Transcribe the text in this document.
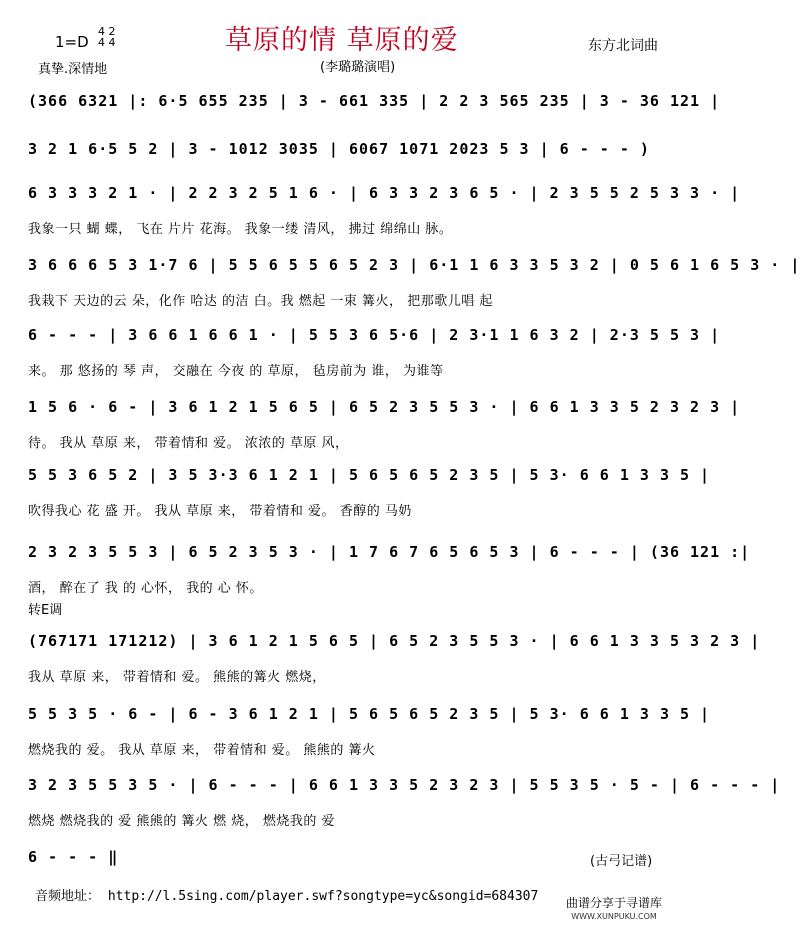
1=D
4 2
4 4	草原的情 草原的爱	东方北词曲
真挚.深情地	(李璐璐演唱)
(366 6321 |: 6·5 655 235 | 3 - 661 335 | 2 2 3 565 235 | 3 - 36 121 |
3 2 1 6·5 5 2 | 3 - 1012 3035 | 6067 1071 2023 5 3 | 6 - - - )
6 3 3 3 2 1 · | 2 2 3 2 5 1 6 · | 6 3 3 2 3 6 5 · | 2 3 5 5 2 5 3 3 · |
我象一只 蝴 蝶， 飞在 片片 花海。 我象一缕 清风， 拂过 绵绵山 脉。
3 6 6 6 5 3 1·7 6 | 5 5 6 5 5 6 5 2 3 | 6·1 1 6 3 3 5 3 2 | 0 5 6 1 6 5 3 · |
我栽下 天边的云 朵，化作 哈达 的洁 白。我 燃起 一束 篝火， 把那歌儿唱 起
6 - - - | 3 6 6 1 6 6 1 · | 5 5 3 6 5·6 | 2 3·1 1 6 3 2 | 2·3 5 5 3 |
来。 那 悠扬的 琴 声， 交融在 今夜 的 草原， 毡房前为 谁， 为谁等
1 5 6 · 6 - | 3 6 1 2 1 5 6 5 | 6 5 2 3 5 5 3 · | 6 6 1 3 3 5 2 3 2 3 |
待。 我从 草原 来， 带着情和 爱。 浓浓的 草原 风，
5 5 3 6 5 2 | 3 5 3·3 6 1 2 1 | 5 6 5 6 5 2 3 5 | 5 3· 6 6 1 3 3 5 |
吹得我心 花 盛 开。 我从 草原 来， 带着情和 爱。 香醇的 马奶
2 3 2 3 5 5 3 | 6 5 2 3 5 3 · | 1 7 6 7 6 5 6 5 3 | 6 - - - | (36 121 :|
酒， 醉在了 我 的 心怀， 我的 心 怀。
转E调
(767171 171212) | 3 6 1 2 1 5 6 5 | 6 5 2 3 5 5 3 · | 6 6 1 3 3 5 3 2 3 |
我从 草原 来， 带着情和 爱。 熊熊的篝火 燃烧，
5 5 3 5 · 6 - | 6 - 3 6 1 2 1 | 5 6 5 6 5 2 3 5 | 5 3· 6 6 1 3 3 5 |
燃烧我的 爱。 我从 草原 来， 带着情和 爱。 熊熊的 篝火
3 2 3 5 5 3 5 · | 6 - - - | 6 6 1 3 3 5 2 3 2 3 | 5 5 3 5 · 5 - | 6 - - - |
燃烧 燃烧我的 爱 熊熊的 篝火 燃 烧， 燃烧我的 爱
6 - - - ‖	(古弓记谱)
音频地址： http://l.5sing.com/player.swf?songtype=yc&songid=684307 曲谱分享于寻谱库
WWW.XUNPUKU.COM
